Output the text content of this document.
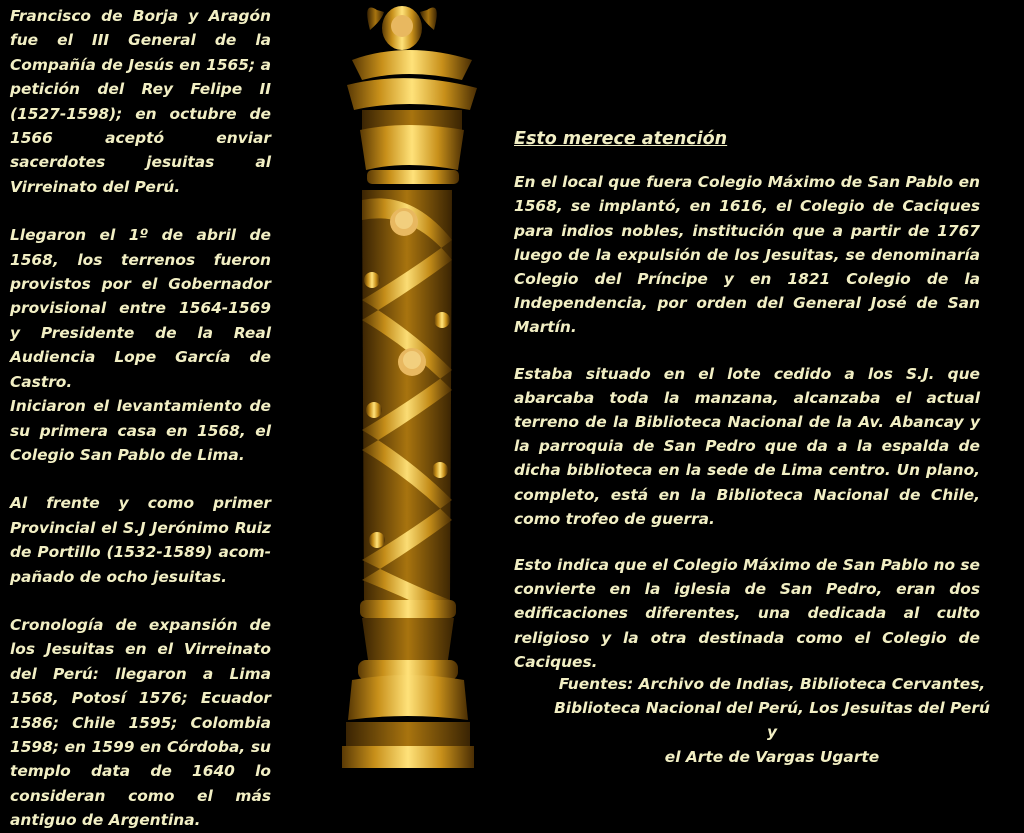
Francisco de Borja y Aragón fue el III General de la Compañía de Jesús en 1565; a petición del Rey Felipe II (1527-1598); en octubre de 1566 aceptó enviar sacerdotes jesuitas al Virreinato del Perú.

Llegaron el 1º de abril de 1568, los terrenos fueron provistos por el Gobernador provisional entre 1564-1569 y Presidente de la Real Audiencia Lope García de Castro.

Iniciaron el levantamiento de su primera casa en 1568, el Colegio San Pablo de Lima.

Al frente y como primer Provincial el S.J Jerónimo Ruiz de Portillo (1532-1589) acom-pañado de ocho jesuitas.

Cronología de expansión de los Jesuitas en el Virreinato del Perú: llegaron a Lima 1568, Potosí 1576; Ecuador 1586; Chile 1595; Colombia 1598; en 1599 en Córdoba, su templo data de 1640 lo consideran como el más antiguo de Argentina.

Esto merece atención

En el local que fuera Colegio Máximo de San Pablo en 1568, se implantó, en 1616, el Colegio de Caciques para indios nobles, institución que a partir de 1767 luego de la expulsión de los Jesuitas, se denominaría Colegio del Príncipe y en 1821 Colegio de la Independencia, por orden del General José de San Martín.

Estaba situado en el lote cedido a los S.J. que abarcaba toda la manzana, alcanzaba el actual terreno de la Biblioteca Nacional de la Av. Abancay y la parroquia de San Pedro que da a la espalda de dicha biblioteca en la sede de Lima centro. Un plano, completo, está en la Biblioteca Nacional de Chile, como trofeo de guerra.

Esto indica que el Colegio Máximo de San Pablo no se convierte en la iglesia de San Pedro, eran dos edificaciones diferentes, una dedicada al culto religioso y la otra destinada como el Colegio de Caciques.

Fuentes: Archivo de Indias, Biblioteca Cervantes,
Biblioteca Nacional del Perú, Los Jesuitas del Perú y
el Arte de Vargas Ugarte
